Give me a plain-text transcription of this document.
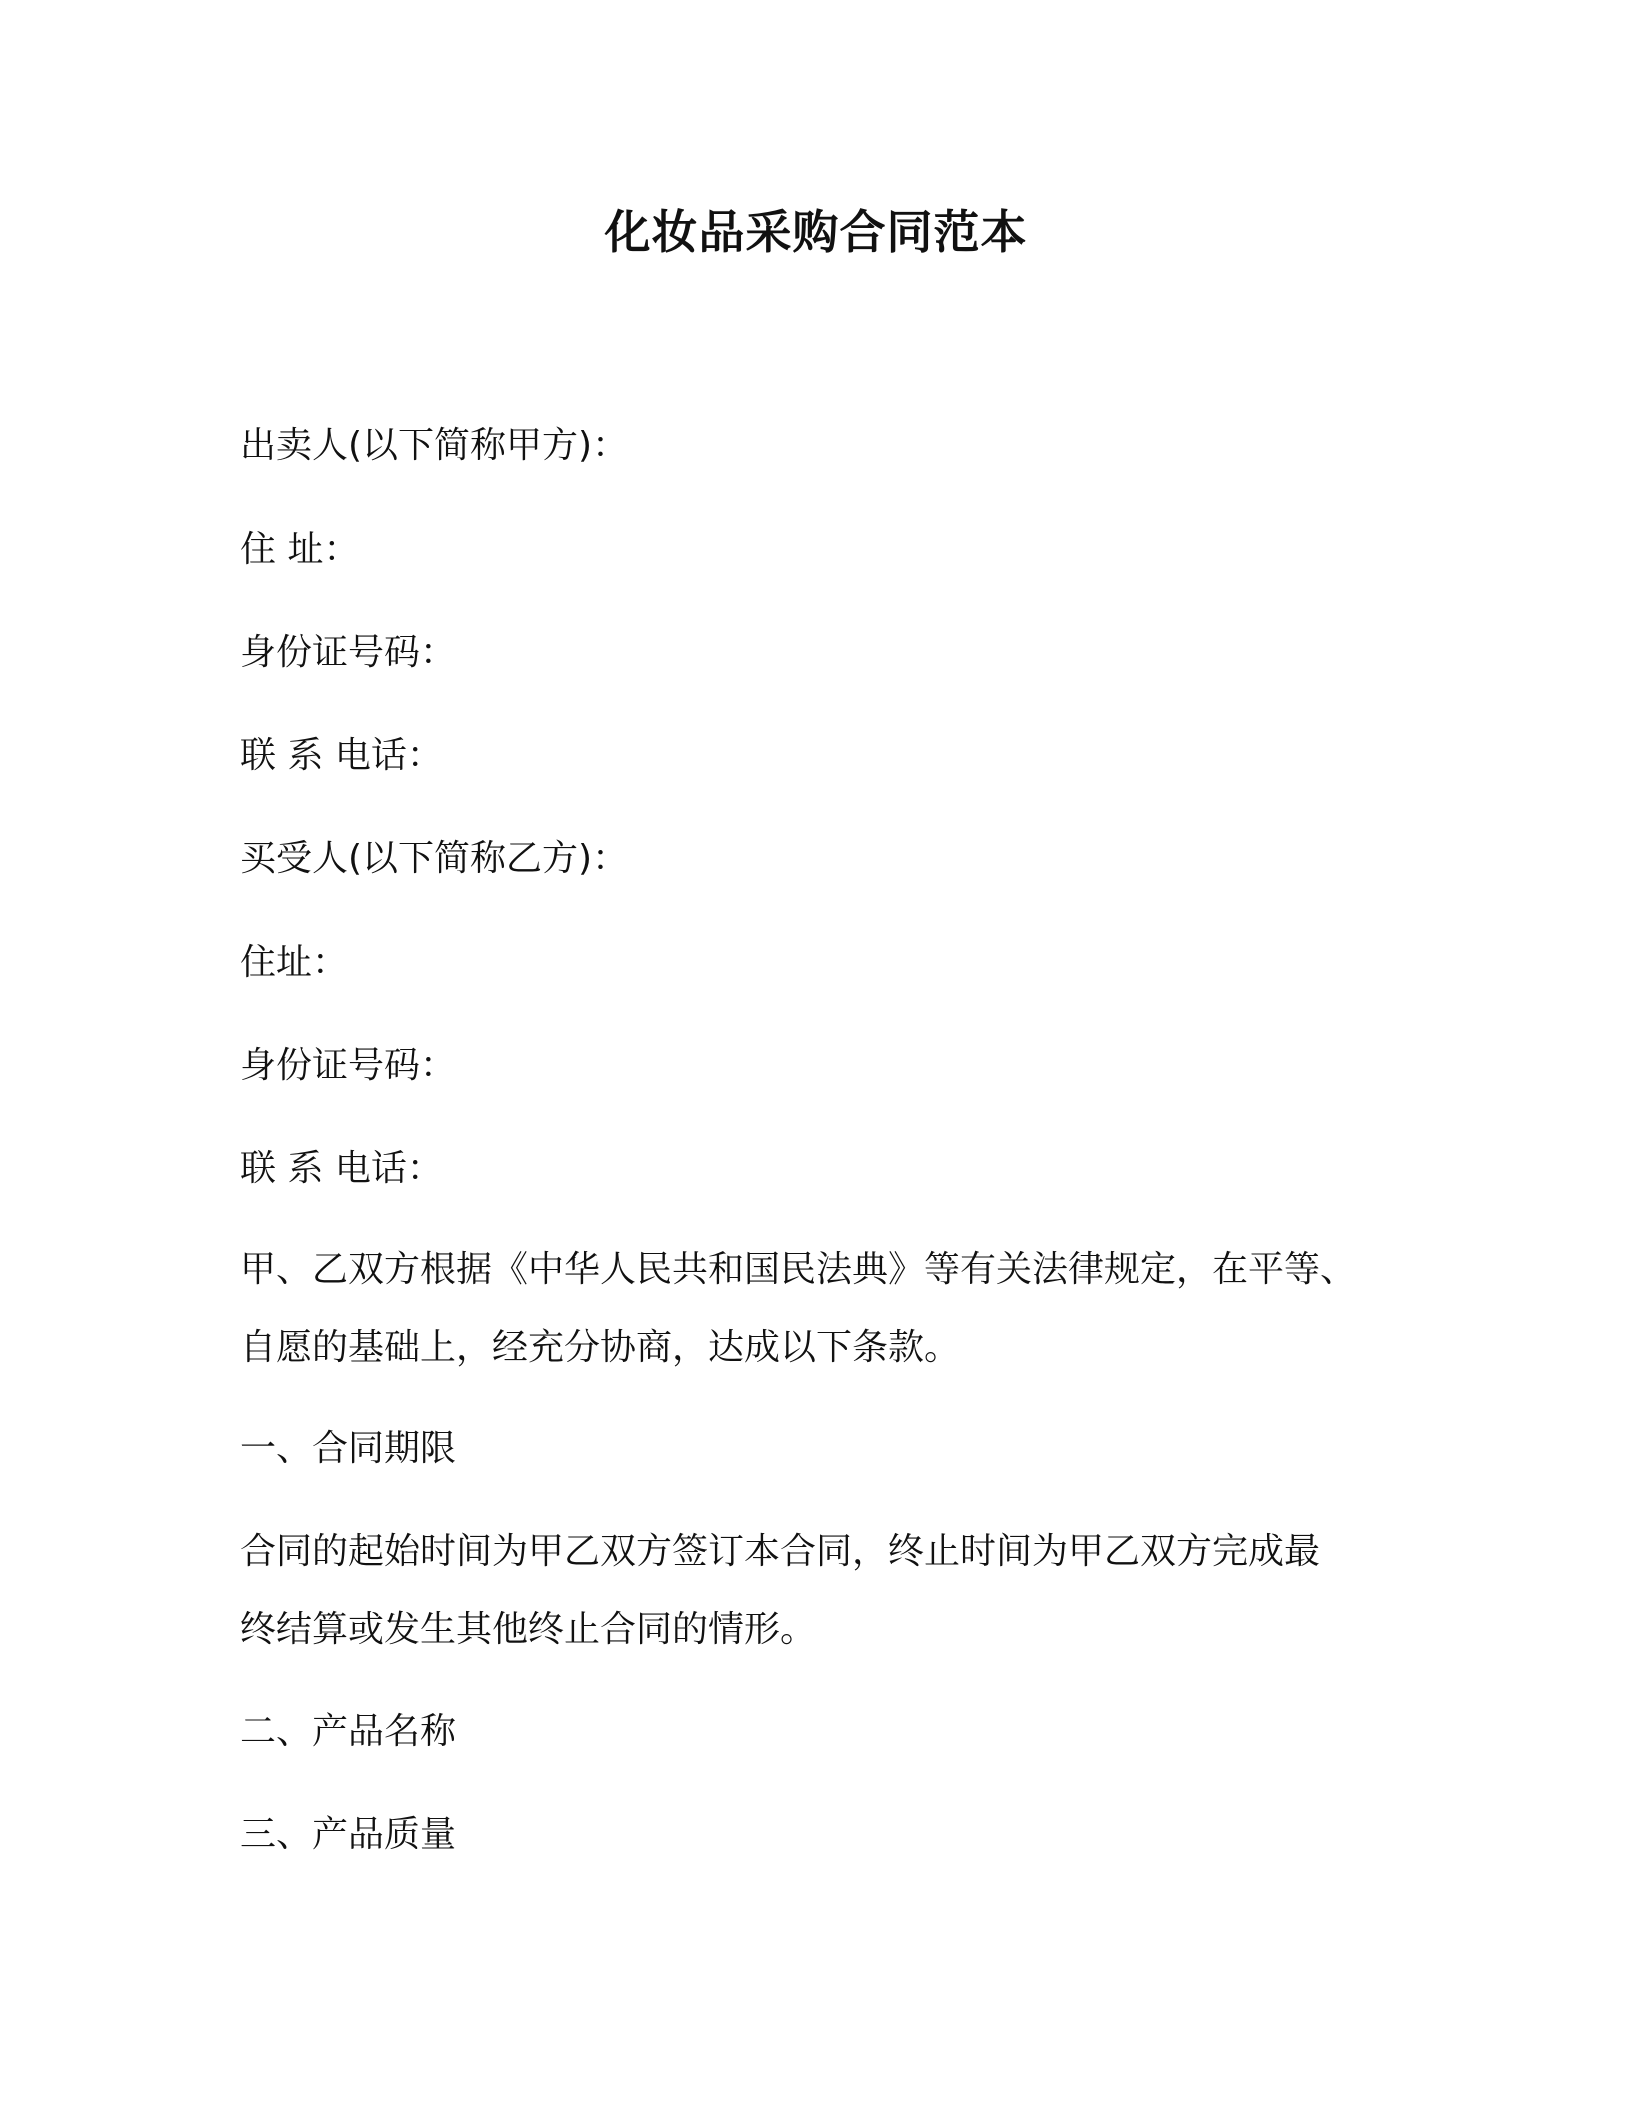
化妆品采购合同范本
出卖人(以下简称甲方)：
住 址：
身份证号码：
联 系 电话：
买受人(以下简称乙方)：
住址：
身份证号码：
联 系 电话：
甲、乙双方根据《中华人民共和国民法典》等有关法律规定，在平等、
自愿的基础上，经充分协商，达成以下条款。
一、合同期限
合同的起始时间为甲乙双方签订本合同，终止时间为甲乙双方完成最
终结算或发生其他终止合同的情形。
二、产品名称
三、产品质量
